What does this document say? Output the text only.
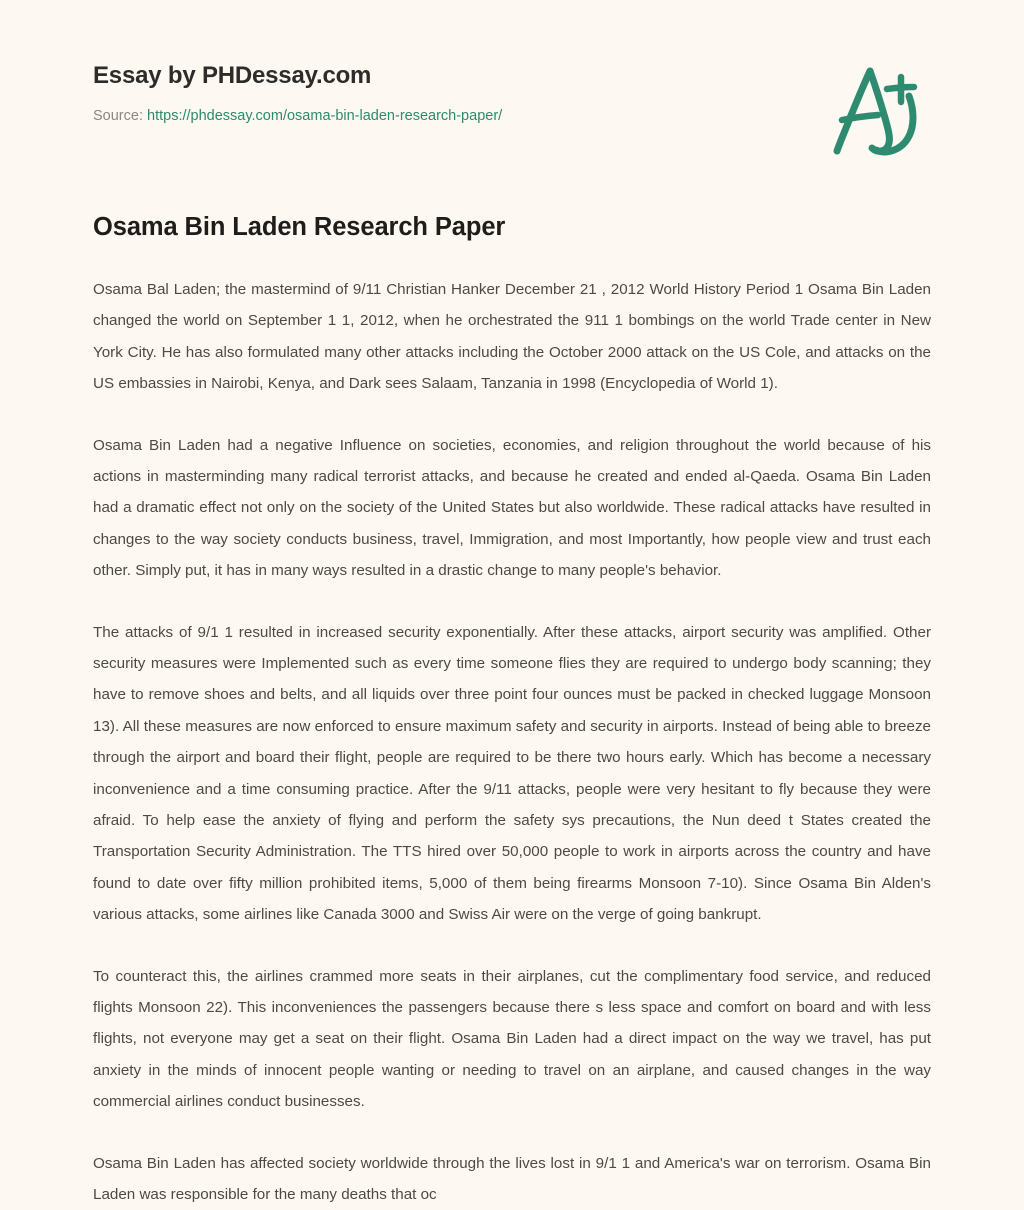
Essay by PHDessay.com
Source: https://phdessay.com/osama-bin-laden-research-paper/
Osama Bin Laden Research Paper

Osama Bal Laden; the mastermind of 9/11 Christian Hanker December 21 , 2012 World History Period 1 Osama Bin Laden changed the world on September 1 1, 2012, when he orchestrated the 911 1 bombings on the world Trade center in New York City. He has also formulated many other attacks including the October 2000 attack on the US Cole, and attacks on the US embassies in Nairobi, Kenya, and Dark sees Salaam, Tanzania in 1998 (Encyclopedia of World 1).

Osama Bin Laden had a negative Influence on societies, economies, and religion throughout the world because of his actions in masterminding many radical terrorist attacks, and because he created and ended al-Qaeda. Osama Bin Laden had a dramatic effect not only on the society of the United States but also worldwide. These radical attacks have resulted in changes to the way society conducts business, travel, Immigration, and most Importantly, how people view and trust each other. Simply put, it has in many ways resulted in a drastic change to many people's behavior.

The attacks of 9/1 1 resulted in increased security exponentially. After these attacks, airport security was amplified. Other security measures were Implemented such as every time someone flies they are required to undergo body scanning; they have to remove shoes and belts, and all liquids over three point four ounces must be packed in checked luggage Monsoon 13). All these measures are now enforced to ensure maximum safety and security in airports. Instead of being able to breeze through the airport and board their flight, people are required to be there two hours early. Which has become a necessary inconvenience and a time consuming practice. After the 9/11 attacks, people were very hesitant to fly because they were afraid. To help ease the anxiety of flying and perform the safety sys precautions, the Nun deed t States created the Transportation Security Administration. The TTS hired over 50,000 people to work in airports across the country and have found to date over fifty million prohibited items, 5,000 of them being firearms Monsoon 7-10). Since Osama Bin Alden's various attacks, some airlines like Canada 3000 and Swiss Air were on the verge of going bankrupt.

To counteract this, the airlines crammed more seats in their airplanes, cut the complimentary food service, and reduced flights Monsoon 22). This inconveniences the passengers because there s less space and comfort on board and with less flights, not everyone may get a seat on their flight. Osama Bin Laden had a direct impact on the way we travel, has put anxiety in the minds of innocent people wanting or needing to travel on an airplane, and caused changes in the way commercial airlines conduct businesses.

Osama Bin Laden has affected society worldwide through the lives lost in 9/1 1 and America's war on terrorism. Osama Bin Laden was responsible for the many deaths that oc
